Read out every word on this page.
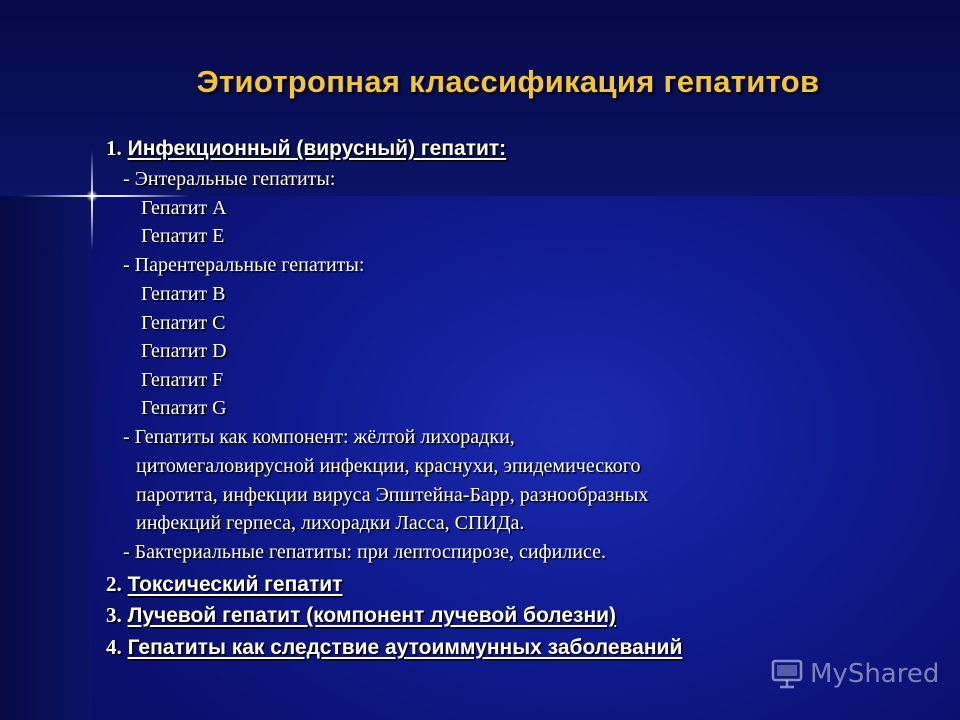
Этиотропная классификация гепатитов
1. Инфекционный (вирусный) гепатит:
- Энтеральные гепатиты:
Гепатит А
Гепатит Е
- Парентеральные гепатиты:
Гепатит В
Гепатит С
Гепатит D
Гепатит F
Гепатит G
- Гепатиты как компонент: жёлтой лихорадки,
цитомегаловирусной инфекции, краснухи, эпидемического
паротита, инфекции вируса Эпштейна-Барр, разнообразных
инфекций герпеса, лихорадки Ласса, СПИДа.
- Бактериальные гепатиты: при лептоспирозе, сифилисе.
2. Токсический гепатит
3. Лучевой гепатит (компонент лучевой болезни)
4. Гепатиты как следствие аутоиммунных заболеваний
MyShared
